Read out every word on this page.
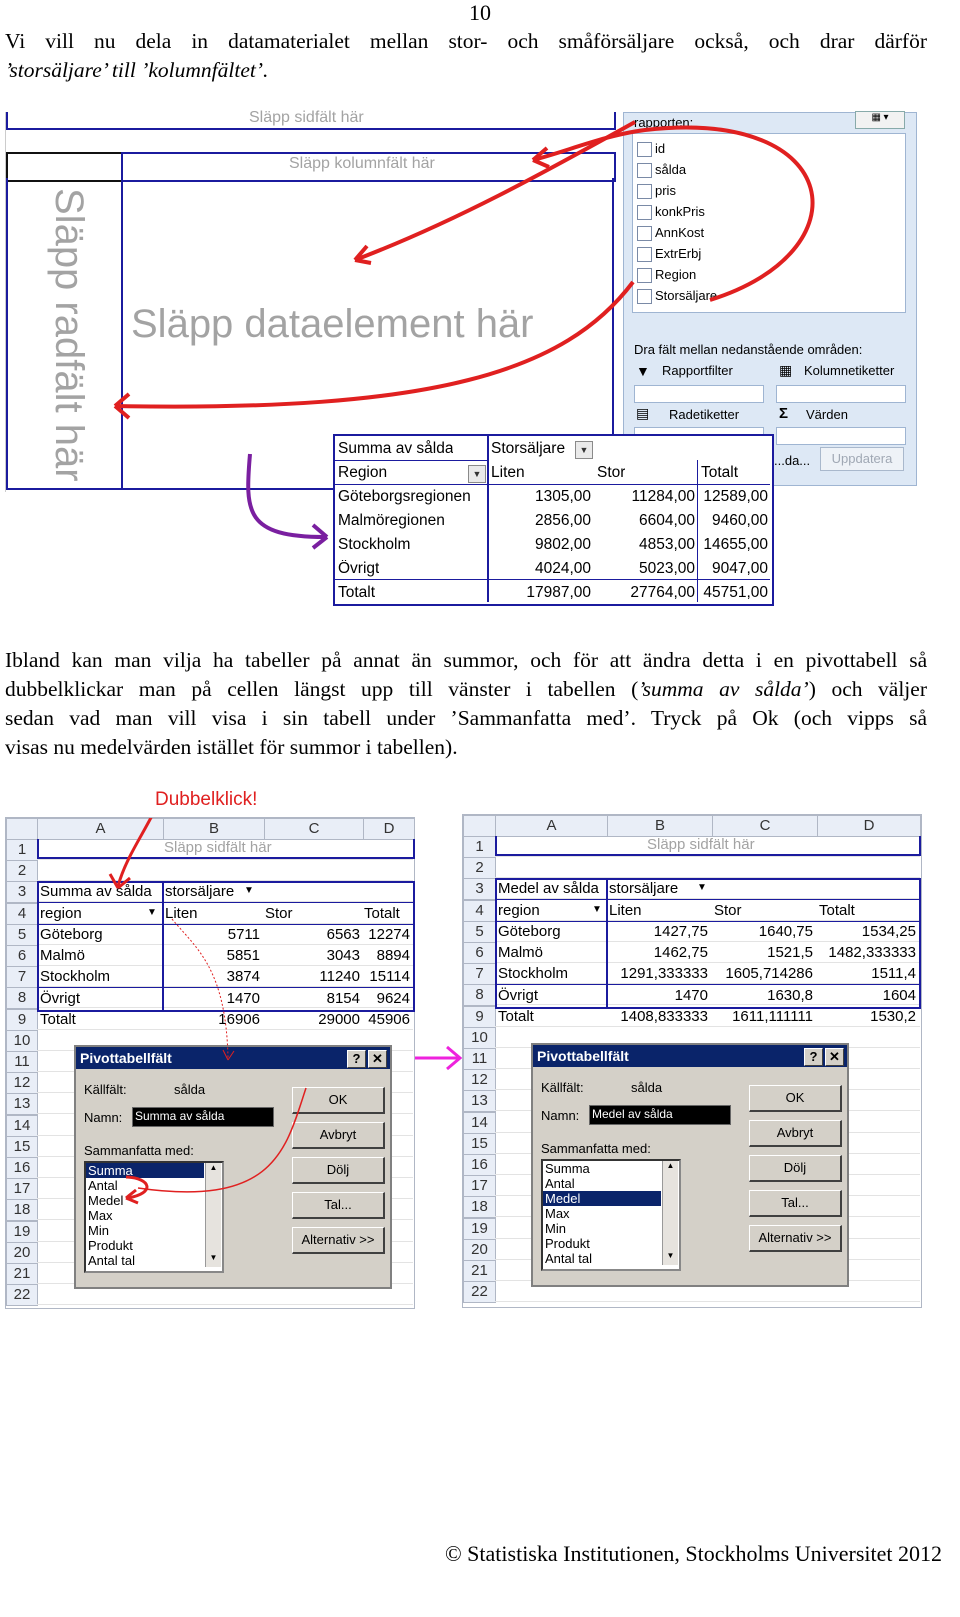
10
Vi vill nu dela in datamaterialet mellan stor- och småförsäljare också, och drar därför
’storsäljare’ till ’kolumnfältet’.
Släpp sidfält här
Släpp kolumnfält här
Släpp radfält här Släpp dataelement här
rapporten:	▦ ▾
id
sålda
pris
konkPris
AnnKost
ExtrErbj
Region
Storsäljare
Dra fält mellan nedanstående områden:
▼ Rapportfilter	▦ Kolumnetiketter
▤ Radetiketter	Σ Värden
...da...	Uppdatera
Summa av sålda Storsäljare	▼
Region	▼ Liten	Stor	Totalt
Göteborgsregionen	1305,00	11284,00 12589,00
Malmöregionen	2856,00	6604,00	9460,00
Stockholm	9802,00	4853,00 14655,00
Övrigt	4024,00	5023,00	9047,00
Totalt	17987,00	27764,00 45751,00
Ibland kan man vilja ha tabeller på annat än summor, och för att ändra detta i en pivottabell så
dubbelklickar man på cellen längst upp till vänster i tabellen (’summa av sålda’) och väljer
sedan vad man vill visa i sin tabell under ’Sammanfatta med’. Tryck på Ok (och vipps så
visas nu medelvärden istället för summor i tabellen).
Dubbelklick!
A	B	C	D
1
2
3
4
5
6
7
8
9
10
11
12
13
14
15
16
17
18
19
20
21
22
Släpp sidfält här
Summa av sålda storsäljare ▼
region	▼ Liten	Stor	Totalt
Göteborg	5711	6563 12274
Malmö	5851	3043	8894
Stockholm	3874	11240 15114
Övrigt	1470	8154	9624
Totalt	16906	29000 45906
Pivottabellfält	? ✕
Källfält:	sålda
Namn: Summa av sålda
Sammanfatta med:
Summa
Antal
Medel
Max
Min
Produkt
Antal tal
▲
▼
OK
Avbryt
Dölj
Tal...
Alternativ >>
A	B	C	D
1
2
3
4
5
6
7
8
9
10
11
12
13
14
15
16
17
18
19
20
21
22
Släpp sidfält här
Medel av sålda storsäljare ▼
region	▼ Liten	Stor	Totalt
Göteborg	1427,75	1640,75	1534,25
Malmö	1462,75	1521,5	1482,333333
Stockholm	1291,333333	1605,714286	1511,4
Övrigt	1470	1630,8	1604
Totalt	1408,833333	1611,111111	1530,2
Pivottabellfält	? ✕
Källfält:	sålda
Namn: Medel av sålda
Sammanfatta med:
Summa
Antal
Medel
Max
Min
Produkt
Antal tal
▲
▼
OK
Avbryt
Dölj
Tal...
Alternativ >>
© Statistiska Institutionen, Stockholms Universitet 2012
